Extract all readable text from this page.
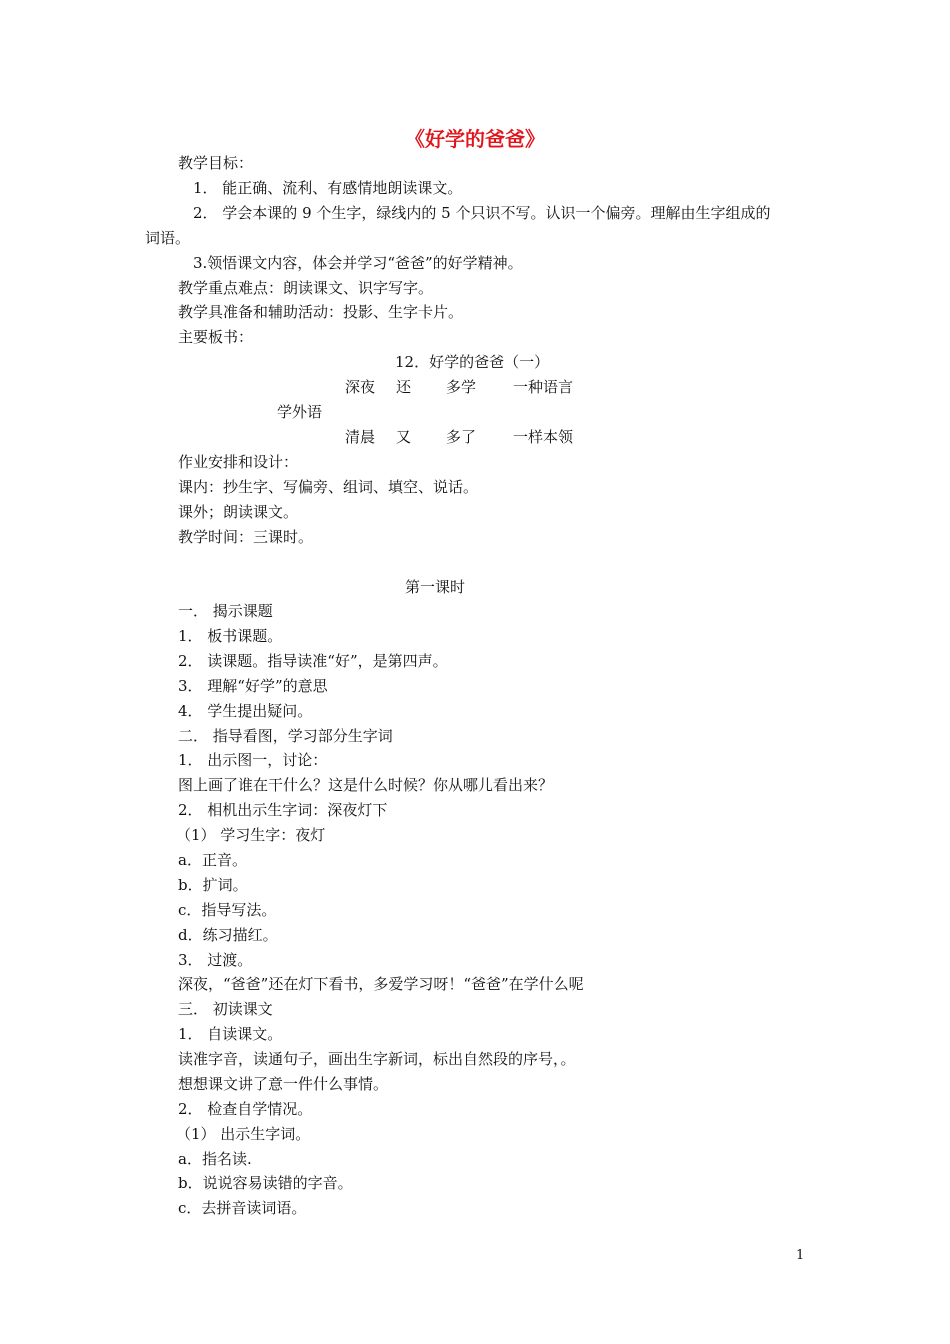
《好学的爸爸》
教学目标：
1． 能正确、流利、有感情地朗读课文。
2． 学会本课的 9 个生字，绿线内的 5 个只识不写。认识一个偏旁。理解由生字组成的
词语。
3.领悟课文内容，体会并学习“爸爸”的好学精神。
教学重点难点：朗读课文、识字写字。
教学具准备和辅助活动：投影、生字卡片。
主要板书：
12．好学的爸爸（一）
深夜 还 多学 一种语言
学外语
清晨 又 多了 一样本领
作业安排和设计：
课内：抄生字、写偏旁、组词、填空、说话。
课外；朗读课文。
教学时间：三课时。
第一课时
一． 揭示课题
1． 板书课题。
2． 读课题。指导读准“好”，是第四声。
3． 理解“好学”的意思
4． 学生提出疑问。
二． 指导看图，学习部分生字词
1． 出示图一，讨论：
图上画了谁在干什么？这是什么时候？你从哪儿看出来？
2． 相机出示生字词：深夜灯下
（1） 学习生字：夜灯
a．正音。
b．扩词。
c．指导写法。
d．练习描红。
3． 过渡。
深夜，“爸爸”还在灯下看书，多爱学习呀！“爸爸”在学什么呢
三． 初读课文
1． 自读课文。
读准字音，读通句子，画出生字新词，标出自然段的序号，。
想想课文讲了意一件什么事情。
2． 检查自学情况。
（1） 出示生字词。
a．指名读.
b．说说容易读错的字音。
c．去拼音读词语。
1
